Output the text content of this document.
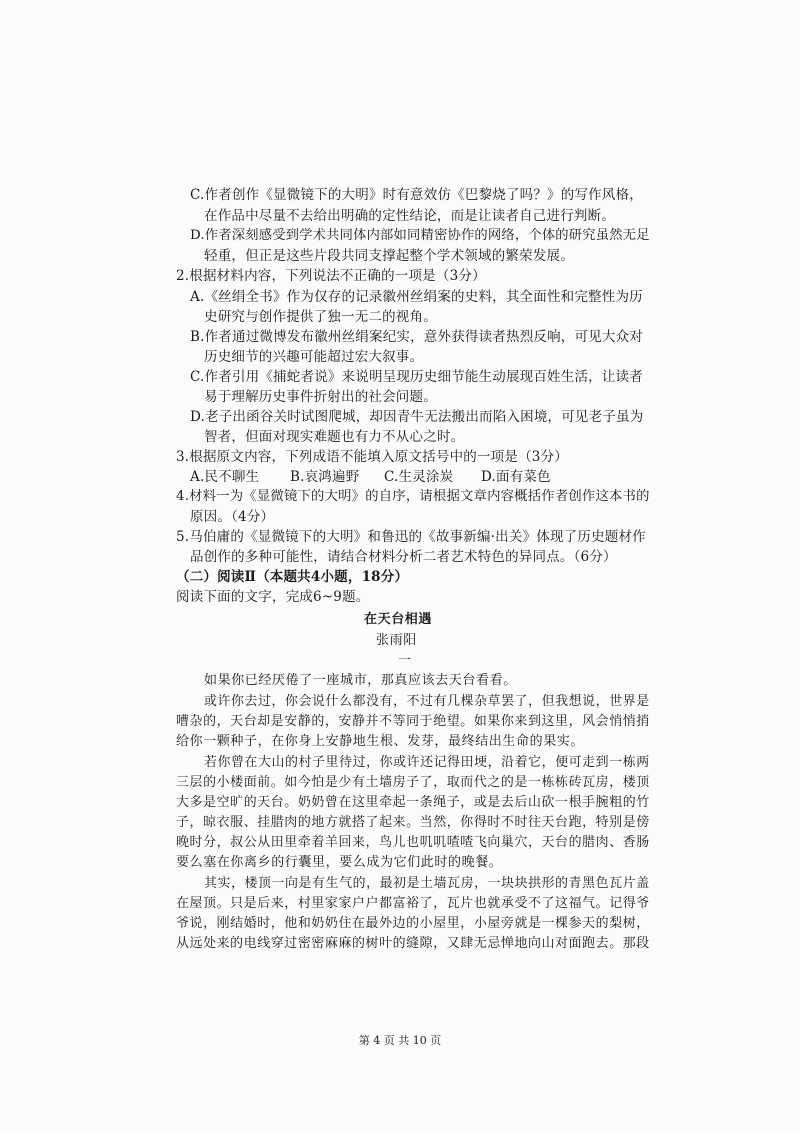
C.作者创作《显微镜下的大明》时有意效仿《巴黎烧了吗？》的写作风格，
在作品中尽量不去给出明确的定性结论，而是让读者自己进行判断。
D.作者深刻感受到学术共同体内部如同精密协作的网络，个体的研究虽然无足
轻重，但正是这些片段共同支撑起整个学术领域的繁荣发展。
2.根据材料内容，下列说法不正确的一项是（3分）
A.《丝绢全书》作为仅存的记录徽州丝绢案的史料，其全面性和完整性为历
史研究与创作提供了独一无二的视角。
B.作者通过微博发布徽州丝绢案纪实，意外获得读者热烈反响，可见大众对
历史细节的兴趣可能超过宏大叙事。
C.作者引用《捕蛇者说》来说明呈现历史细节能生动展现百姓生活，让读者
易于理解历史事件折射出的社会问题。
D.老子出函谷关时试图爬城，却因青牛无法搬出而陷入困境，可见老子虽为
智者，但面对现实难题也有力不从心之时。
3.根据原文内容，下列成语不能填入原文括号中的一项是（3分）
A.民不聊生 B.哀鸿遍野 C.生灵涂炭 D.面有菜色
4.材料一为《显微镜下的大明》的自序，请根据文章内容概括作者创作这本书的
原因。（4分）
5.马伯庸的《显微镜下的大明》和鲁迅的《故事新编·出关》体现了历史题材作
品创作的多种可能性，请结合材料分析二者艺术特色的异同点。（6分）
（二）阅读Ⅱ（本题共4小题，18分）
阅读下面的文字，完成6~9题。
在天台相遇
张雨阳
一
如果你已经厌倦了一座城市，那真应该去天台看看。
或许你去过，你会说什么都没有，不过有几棵杂草罢了，但我想说，世界是
嘈杂的，天台却是安静的，安静并不等同于绝望。如果你来到这里，风会悄悄捎
给你一颗种子，在你身上安静地生根、发芽，最终结出生命的果实。
若你曾在大山的村子里待过，你或许还记得田埂，沿着它，便可走到一栋两
三层的小楼面前。如今怕是少有土墙房子了，取而代之的是一栋栋砖瓦房，楼顶
大多是空旷的天台。奶奶曾在这里牵起一条绳子，或是去后山砍一根手腕粗的竹
子，晾衣服、挂腊肉的地方就搭了起来。当然，你得时不时往天台跑，特别是傍
晚时分，叔公从田里牵着羊回来，鸟儿也叽叽喳喳飞向巢穴，天台的腊肉、香肠
要么塞在你离乡的行囊里，要么成为它们此时的晚餐。
其实，楼顶一向是有生气的，最初是土墙瓦房，一块块拱形的青黑色瓦片盖
在屋顶。只是后来，村里家家户户都富裕了，瓦片也就承受不了这福气。记得爷
爷说，刚结婚时，他和奶奶住在最外边的小屋里，小屋旁就是一棵参天的梨树，
从远处来的电线穿过密密麻麻的树叶的缝隙，又肆无忌惮地向山对面跑去。那段
第 4 页 共 10 页
